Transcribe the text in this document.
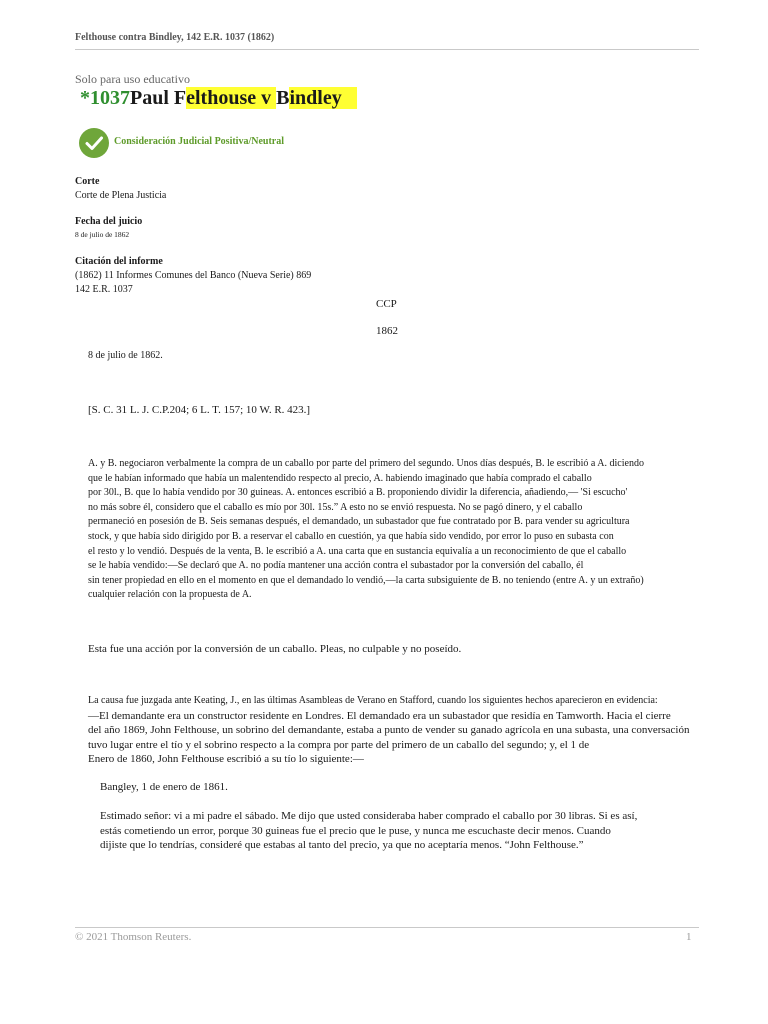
Felthouse contra Bindley, 142 E.R. 1037 (1862)
Solo para uso educativo
*1037Paul Felthouse v Bindley
Consideración Judicial Positiva/Neutral
Corte
Corte de Plena Justicia
Fecha del juicio
8 de julio de 1862
Citación del informe
(1862) 11 Informes Comunes del Banco (Nueva Serie) 869
142 E.R. 1037
CCP
1862
8 de julio de 1862.
[S. C. 31 L. J. C.P.204; 6 L. T. 157; 10 W. R. 423.]
A. y B. negociaron verbalmente la compra de un caballo por parte del primero del segundo. Unos días después, B. le escribió a A. diciendo
que le habían informado que había un malentendido respecto al precio, A. habiendo imaginado que había comprado el caballo
por 30l., B. que lo había vendido por 30 guineas. A. entonces escribió a B. proponiendo dividir la diferencia, añadiendo,— 'Si escucho'
no más sobre él, considero que el caballo es mío por 30l. 15s.” A esto no se envió respuesta. No se pagó dinero, y el caballo
permaneció en posesión de B. Seis semanas después, el demandado, un subastador que fue contratado por B. para vender su agricultura
stock, y que había sido dirigido por B. a reservar el caballo en cuestión, ya que había sido vendido, por error lo puso en subasta con
el resto y lo vendió. Después de la venta, B. le escribió a A. una carta que en sustancia equivalía a un reconocimiento de que el caballo
se le había vendido:—Se declaró que A. no podía mantener una acción contra el subastador por la conversión del caballo, él
sin tener propiedad en ello en el momento en que el demandado lo vendió,—la carta subsiguiente de B. no teniendo (entre A. y un extraño)
cualquier relación con la propuesta de A.
Esta fue una acción por la conversión de un caballo. Pleas, no culpable y no poseído.
La causa fue juzgada ante Keating, J., en las últimas Asambleas de Verano en Stafford, cuando los siguientes hechos aparecieron en evidencia:
—El demandante era un constructor residente en Londres. El demandado era un subastador que residía en Tamworth. Hacia el cierre
del año 1869, John Felthouse, un sobrino del demandante, estaba a punto de vender su ganado agrícola en una subasta, una conversación
tuvo lugar entre el tío y el sobrino respecto a la compra por parte del primero de un caballo del segundo; y, el 1 de
Enero de 1860, John Felthouse escribió a su tío lo siguiente:—
Bangley, 1 de enero de 1861.
Estimado señor: vi a mi padre el sábado. Me dijo que usted consideraba haber comprado el caballo por 30 libras. Si es así,
estás cometiendo un error, porque 30 guineas fue el precio que le puse, y nunca me escuchaste decir menos. Cuando
dijiste que lo tendrías, consideré que estabas al tanto del precio, ya que no aceptaría menos. “John Felthouse.”
© 2021 Thomson Reuters.	1
